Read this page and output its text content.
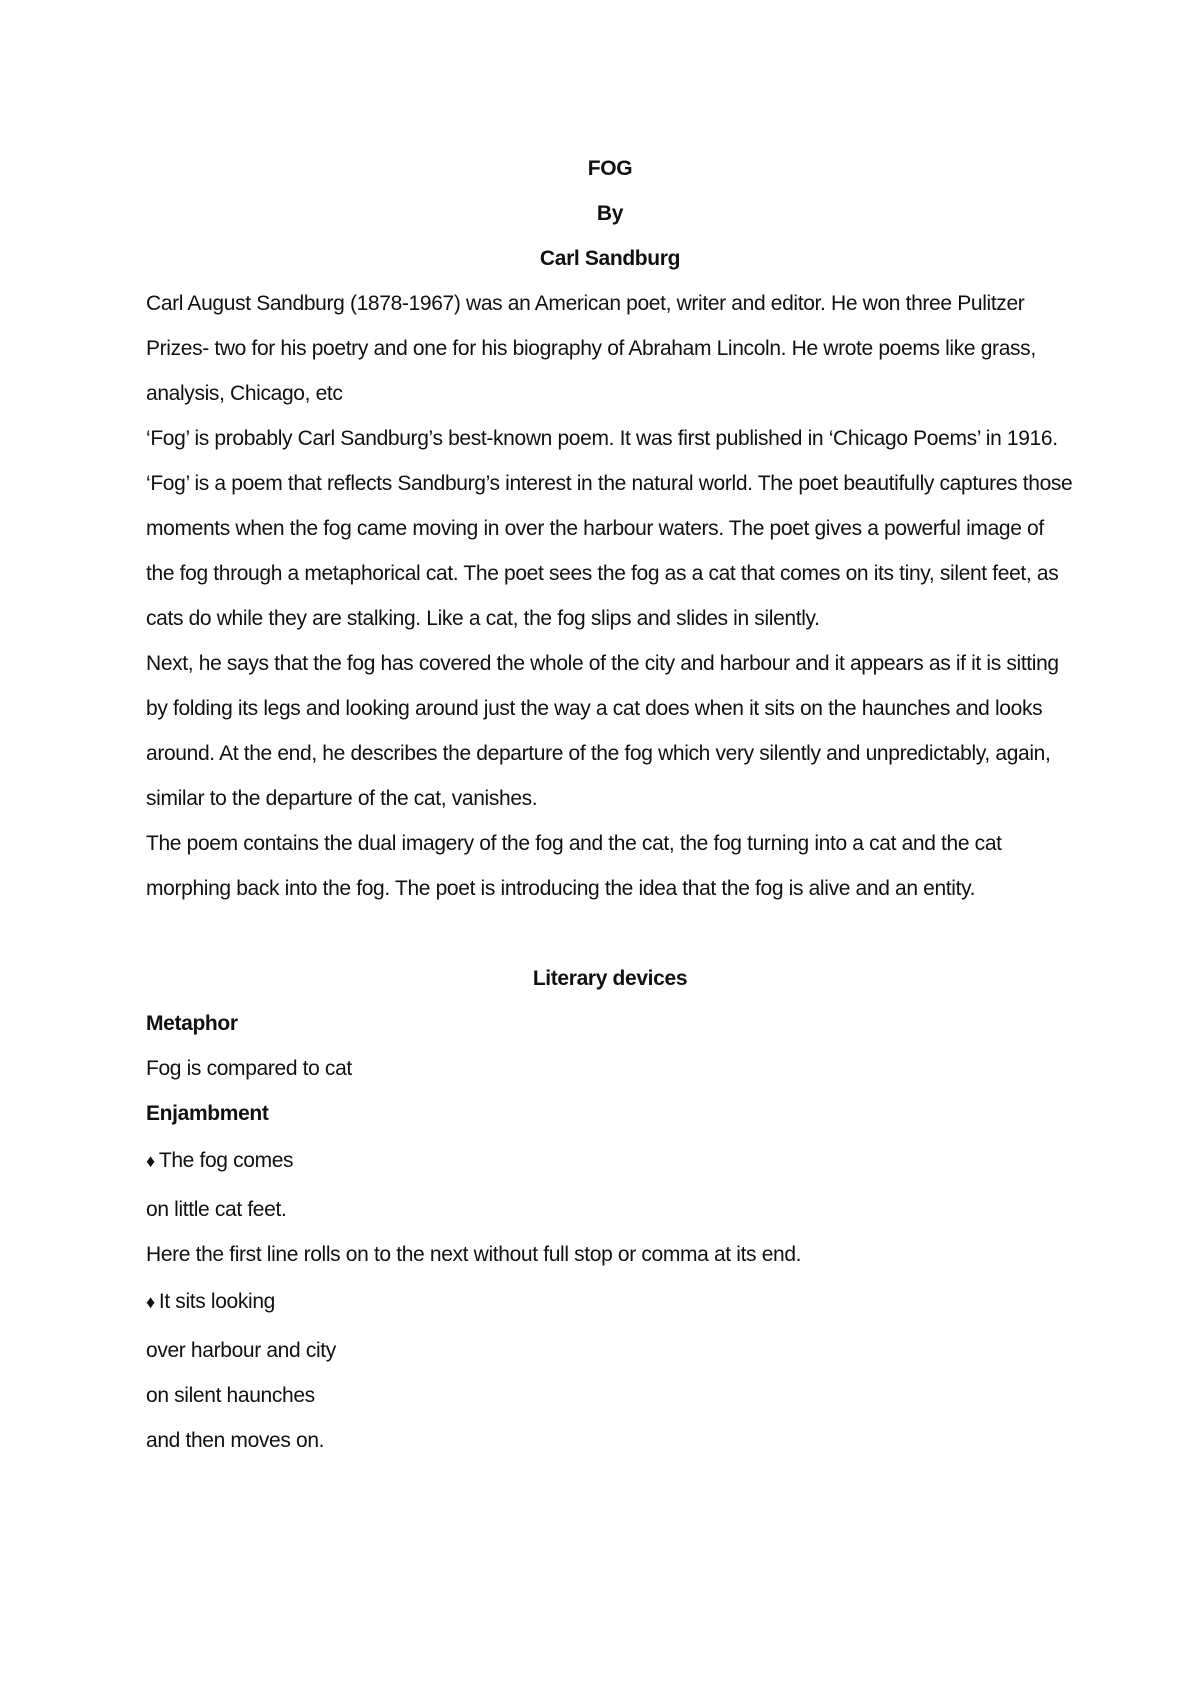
FOG
By
Carl Sandburg

Carl August Sandburg (1878-1967) was an American poet, writer and editor. He won three Pulitzer Prizes- two for his poetry and one for his biography of Abraham Lincoln. He wrote poems like grass, analysis, Chicago, etc

‘Fog’ is probably Carl Sandburg’s best-known poem. It was first published in ‘Chicago Poems’ in 1916. ‘Fog’ is a poem that reflects Sandburg’s interest in the natural world. The poet beautifully captures those moments when the fog came moving in over the harbour waters. The poet gives a powerful image of the fog through a metaphorical cat. The poet sees the fog as a cat that comes on its tiny, silent feet, as cats do while they are stalking. Like a cat, the fog slips and slides in silently.

Next, he says that the fog has covered the whole of the city and harbour and it appears as if it is sitting by folding its legs and looking around just the way a cat does when it sits on the haunches and looks around. At the end, he describes the departure of the fog which very silently and unpredictably, again, similar to the departure of the cat, vanishes.

The poem contains the dual imagery of the fog and the cat, the fog turning into a cat and the cat morphing back into the fog. The poet is introducing the idea that the fog is alive and an entity.

Literary devices
Metaphor
Fog is compared to cat
Enjambment
♦ The fog comes
on little cat feet.
Here the first line rolls on to the next without full stop or comma at its end.
♦ It sits looking
over harbour and city
on silent haunches
and then moves on.
